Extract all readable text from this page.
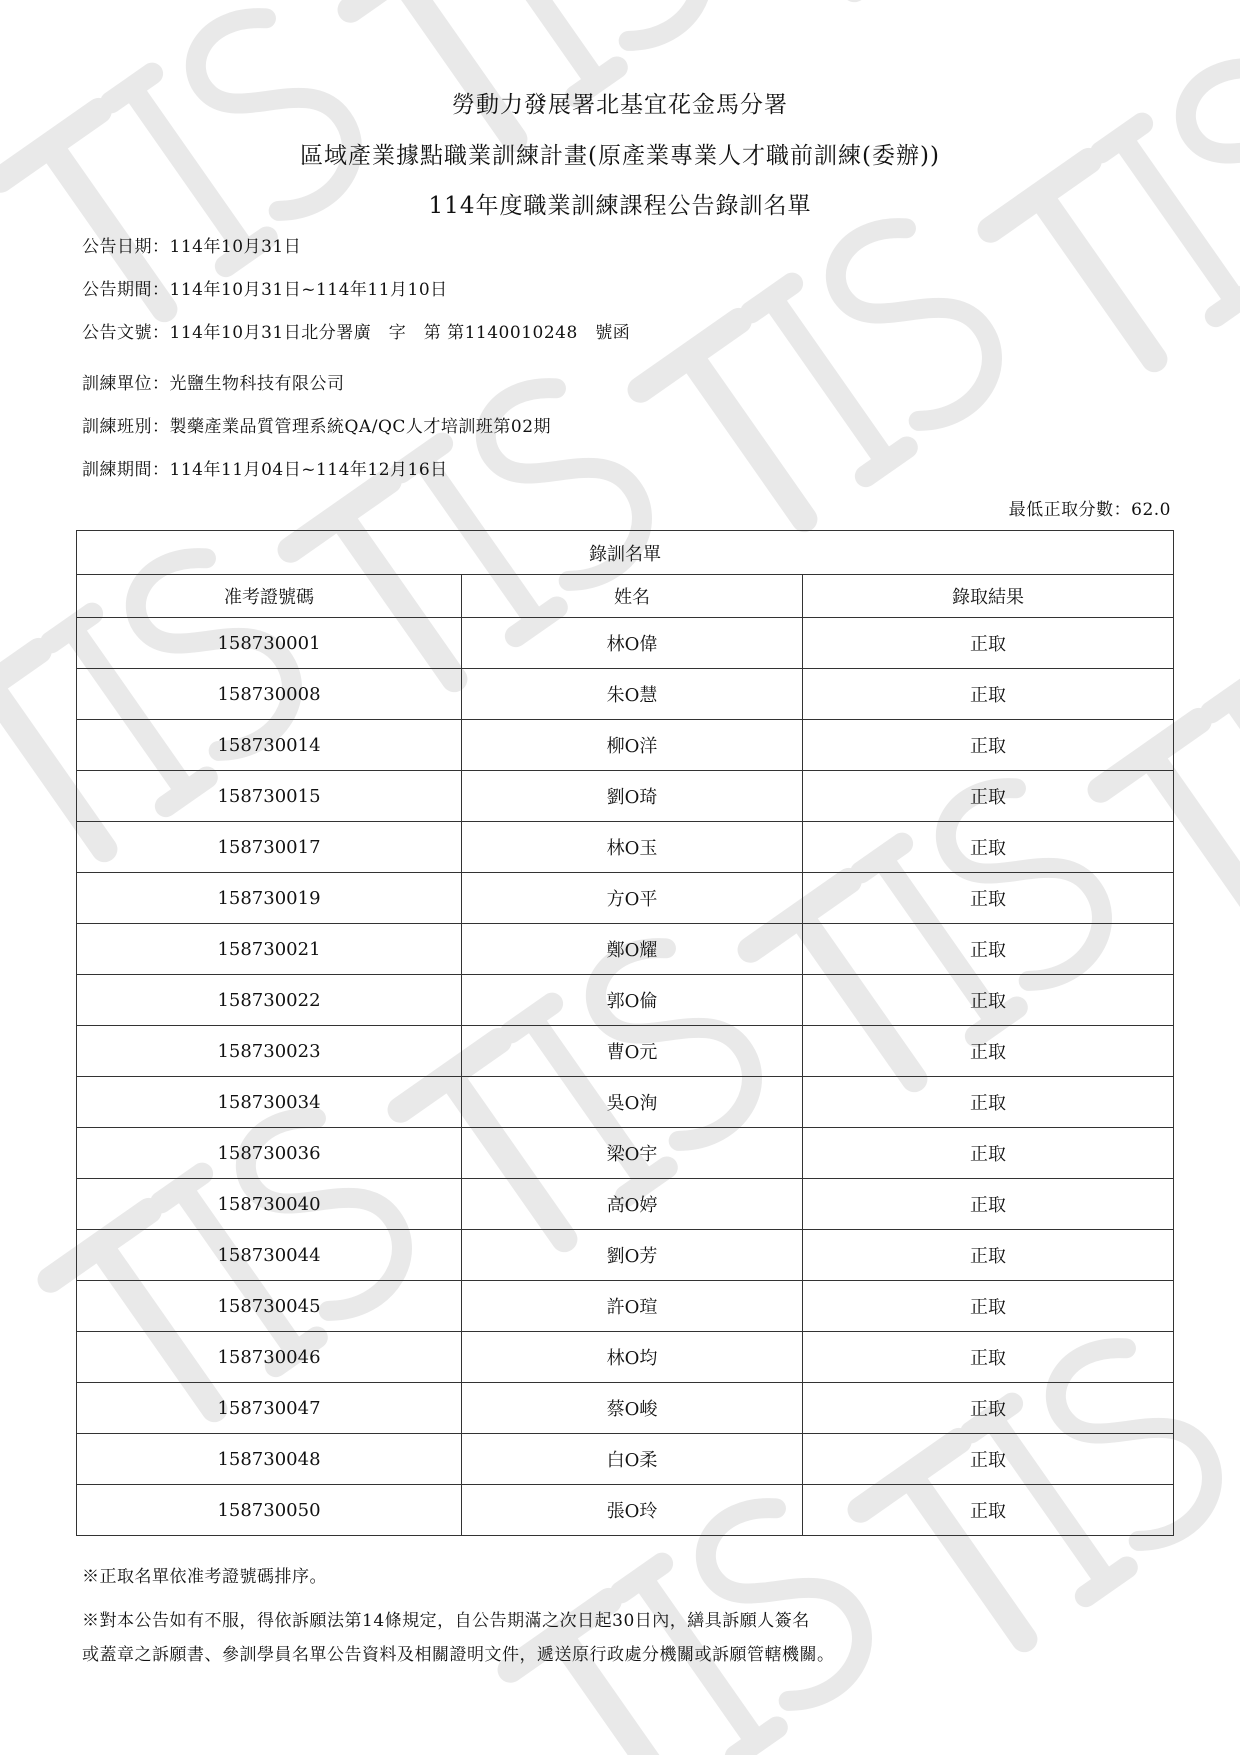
勞動力發展署北基宜花金馬分署
區域產業據點職業訓練計畫(原產業專業人才職前訓練(委辦))
114年度職業訓練課程公告錄訓名單
公告日期：114年10月31日
公告期間：114年10月31日~114年11月10日
公告文號：114年10月31日北分署廣　字　第 第1140010248　號函
訓練單位：光鹽生物科技有限公司
訓練班別：製藥產業品質管理系統QA/QC人才培訓班第02期
訓練期間：114年11月04日~114年12月16日
最低正取分數：62.0
錄訓名單		
准考證號碼	姓名	錄取結果
158730001	林O偉	正取
158730008	朱O慧	正取
158730014	柳O洋	正取
158730015	劉O琦	正取
158730017	林O玉	正取
158730019	方O平	正取
158730021	鄭O耀	正取
158730022	郭O倫	正取
158730023	曹O元	正取
158730034	吳O洵	正取
158730036	梁O宇	正取
158730040	高O婷	正取
158730044	劉O芳	正取
158730045	許O瑄	正取
158730046	林O均	正取
158730047	蔡O峻	正取
158730048	白O柔	正取
158730050	張O玲	正取
※正取名單依准考證號碼排序。
※對本公告如有不服，得依訴願法第14條規定，自公告期滿之次日起30日內，繕具訴願人簽名
或蓋章之訴願書、參訓學員名單公告資料及相關證明文件，遞送原行政處分機關或訴願管轄機關。
